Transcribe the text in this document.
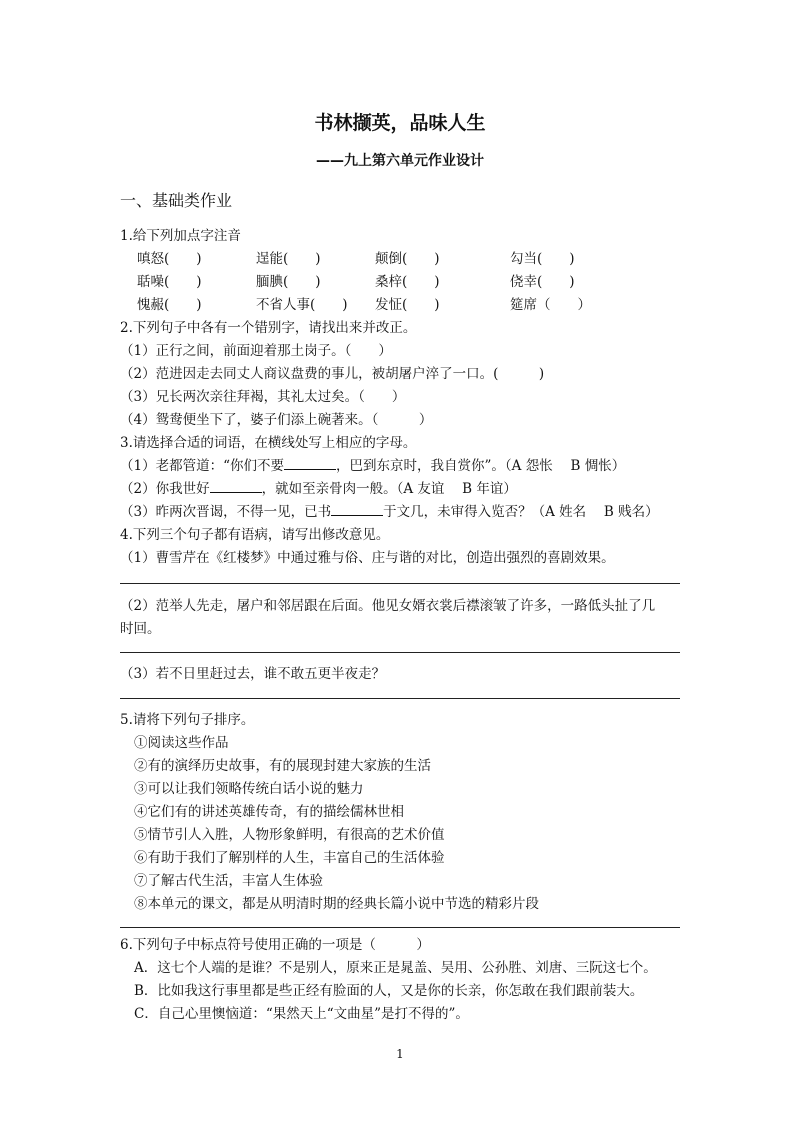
书林撷英，品味人生
——九上第六单元作业设计
一、基础类作业
1.给下列加点字注音
嗔怒(　　)	逞能(　　)	颠倒(　　)	勾当(　　)
聒噪(　　)	腼腆(　　)	桑梓(　　)	侥幸(　　)
愧赧(　　)	不省人事(　　) 发怔(　　)	筵席（　　）
2.下列句子中各有一个错别字，请找出来并改正。
（1）正行之间，前面迎着那土岗子。（　　）
（2）范进因走去同丈人商议盘费的事儿，被胡屠户淬了一口。(　　　)
（3）兄长两次亲往拜褐，其礼太过矣。（　　）
（4）鸳鸯便坐下了，婆子们添上碗著来。（　　　）
3.请选择合适的词语，在横线处写上相应的字母。
（1）老都管道：“你们不要	，巴到东京时，我自赏你”。（A 怨怅　 B 惆怅）
（2）你我世好	，就如至亲骨肉一般。（A 友谊　 B 年谊）
（3）昨两次晋谒，不得一见，已书	于文几，未审得入览否？（A 姓名　 B 贱名）
4.下列三个句子都有语病，请写出修改意见。
（1）曹雪芹在《红楼梦》中通过雅与俗、庄与谐的对比，创造出强烈的喜剧效果。
（2）范举人先走，屠户和邻居跟在后面。他见女婿衣裳后襟滚皱了许多，一路低头扯了几
时回。
（3）若不日里赶过去，谁不敢五更半夜走？
5.请将下列句子排序。
①阅读这些作品
②有的演绎历史故事，有的展现封建大家族的生活
③可以让我们领略传统白话小说的魅力
④它们有的讲述英雄传奇，有的描绘儒林世相
⑤情节引人入胜，人物形象鲜明，有很高的艺术价值
⑥有助于我们了解别样的人生，丰富自己的生活体验
⑦了解古代生活，丰富人生体验
⑧本单元的课文，都是从明清时期的经典长篇小说中节选的精彩片段
6.下列句子中标点符号使用正确的一项是（　　　）
A．这七个人端的是谁？不是别人，原来正是晁盖、吴用、公孙胜、刘唐、三阮这七个。
B．比如我这行事里都是些正经有脸面的人，又是你的长亲，你怎敢在我们跟前装大。
C．自己心里懊恼道：“果然天上“文曲星”是打不得的”。
1
